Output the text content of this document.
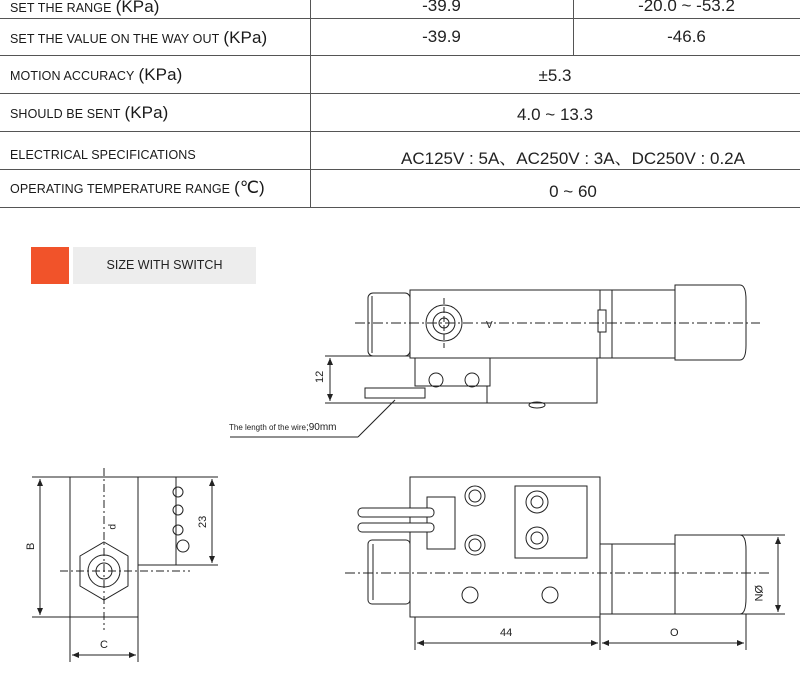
SET THE RANGE (KPa)	-39.9	-20.0 ~ -53.2
SET THE VALUE ON THE WAY OUT (KPa)	-39.9	-46.6
MOTION ACCURACY (KPa)	±5.3
SHOULD BE SENT (KPa)	4.0 ~ 13.3
ELECTRICAL SPECIFICATIONS	AC125V : 5A、AC250V : 3A、DC250V : 0.2A
OPERATING TEMPERATURE RANGE (℃)	0 ~ 60
SIZE WITH SWITCH
V
12
The length of the wire;90mm
B
23
C
p
44	O
ØN
